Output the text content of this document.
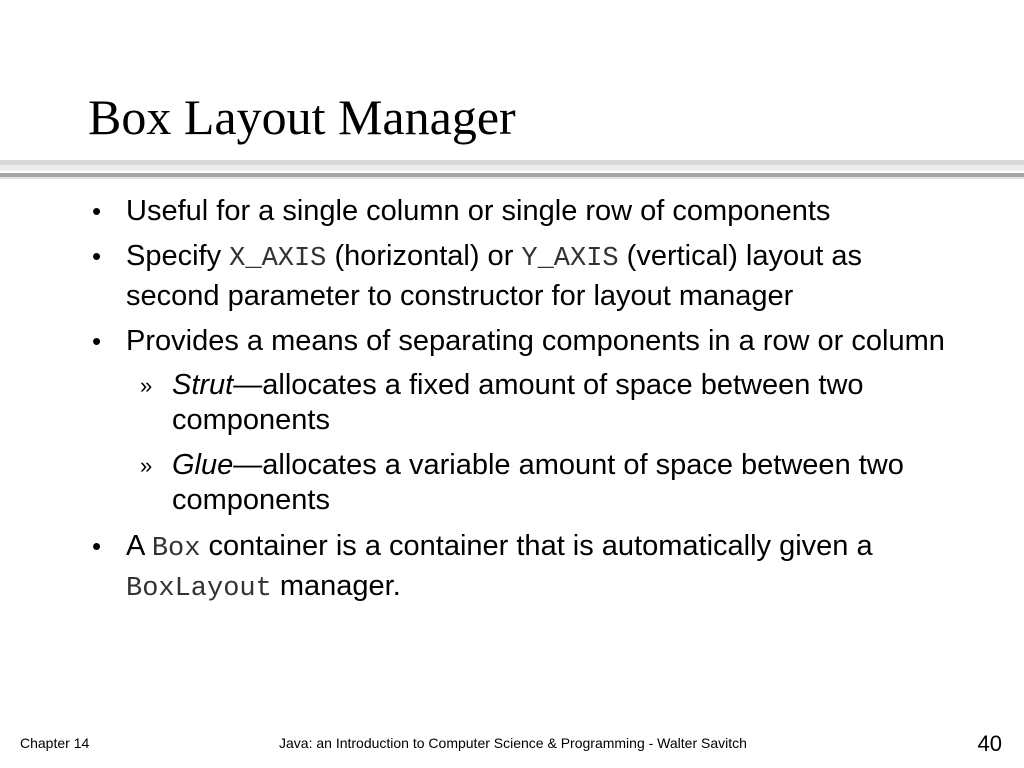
Box Layout Manager
• Useful for a single column or single row of components
• Specify X_AXIS (horizontal) or Y_AXIS (vertical) layout as second parameter to constructor for layout manager
• Provides a means of separating components in a row or column
» Strut—allocates a fixed amount of space between two components
» Glue—allocates a variable amount of space between two components
• A Box container is a container that is automatically given a BoxLayout manager.
Chapter 14	Java: an Introduction to Computer Science & Programming - Walter Savitch	40
